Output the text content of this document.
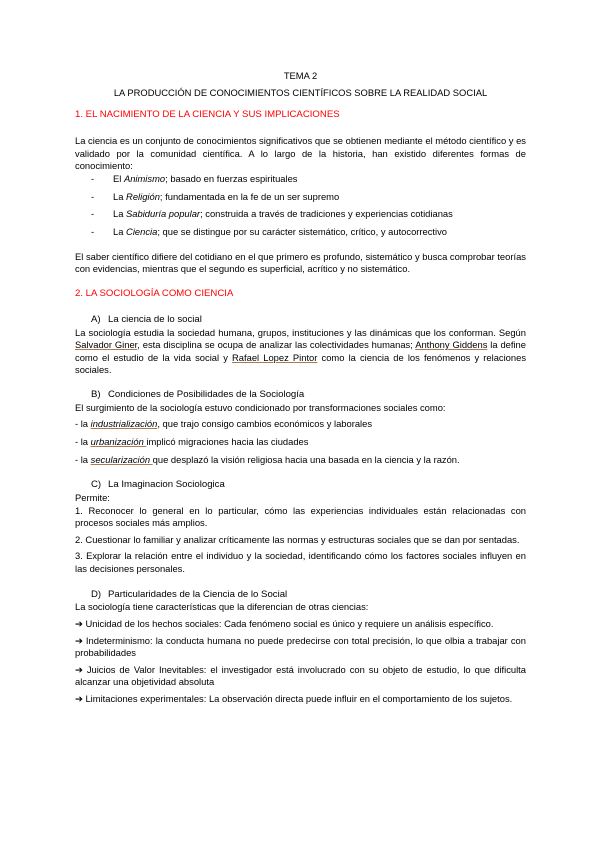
TEMA 2

LA PRODUCCIÓN DE CONOCIMIENTOS CIENTÍFICOS SOBRE LA REALIDAD SOCIAL

1. EL NACIMIENTO DE LA CIENCIA Y SUS IMPLICACIONES

La ciencia es un conjunto de conocimientos significativos que se obtienen mediante el método científico y es validado por la comunidad científica. A lo largo de la historia, han existido diferentes formas de conocimiento:

- El Animismo; basado en fuerzas espirituales
- La Religión; fundamentada en la fe de un ser supremo
- La Sabiduría popular; construida a través de tradiciones y experiencias cotidianas
- La Ciencia; que se distingue por su carácter sistemático, crítico, y autocorrectivo

El saber científico difiere del cotidiano en el que primero es profundo, sistemático y busca comprobar teorías con evidencias, mientras que el segundo es superficial, acrítico y no sistemático.

2. LA SOCIOLOGÍA COMO CIENCIA

A) La ciencia de lo social

La sociología estudia la sociedad humana, grupos, instituciones y las dinámicas que los conforman. Según Salvador Giner, esta disciplina se ocupa de analizar las colectividades humanas; Anthony Giddens la define como el estudio de la vida social y Rafael Lopez Pintor como la ciencia de los fenómenos y relaciones sociales.

B) Condiciones de Posibilidades de la Sociología

El surgimiento de la sociología estuvo condicionado por transformaciones sociales como:

- la industrialización, que trajo consigo cambios económicos y laborales

- la urbanización implicó migraciones hacia las ciudades

- la secularización que desplazó la visión religiosa hacia una basada en la ciencia y la razón.

C) La Imaginacion Sociologica

Permite:

1. Reconocer lo general en lo particular, cómo las experiencias individuales están relacionadas con procesos sociales más amplios.

2. Cuestionar lo familiar y analizar críticamente las normas y estructuras sociales que se dan por sentadas.

3. Explorar la relación entre el individuo y la sociedad, identificando cómo los factores sociales influyen en las decisiones personales.

D) Particularidades de la Ciencia de lo Social

La sociología tiene características que la diferencian de otras ciencias:

➔ Unicidad de los hechos sociales: Cada fenómeno social es único y requiere un análisis específico.

➔ Indeterminismo: la conducta humana no puede predecirse con total precisión, lo que olbia a trabajar con probabilidades

➔ Juicios de Valor Inevitables: el investigador está involucrado con su objeto de estudio, lo que dificulta alcanzar una objetividad absoluta

➔ Limitaciones experimentales: La observación directa puede influir en el comportamiento de los sujetos.
